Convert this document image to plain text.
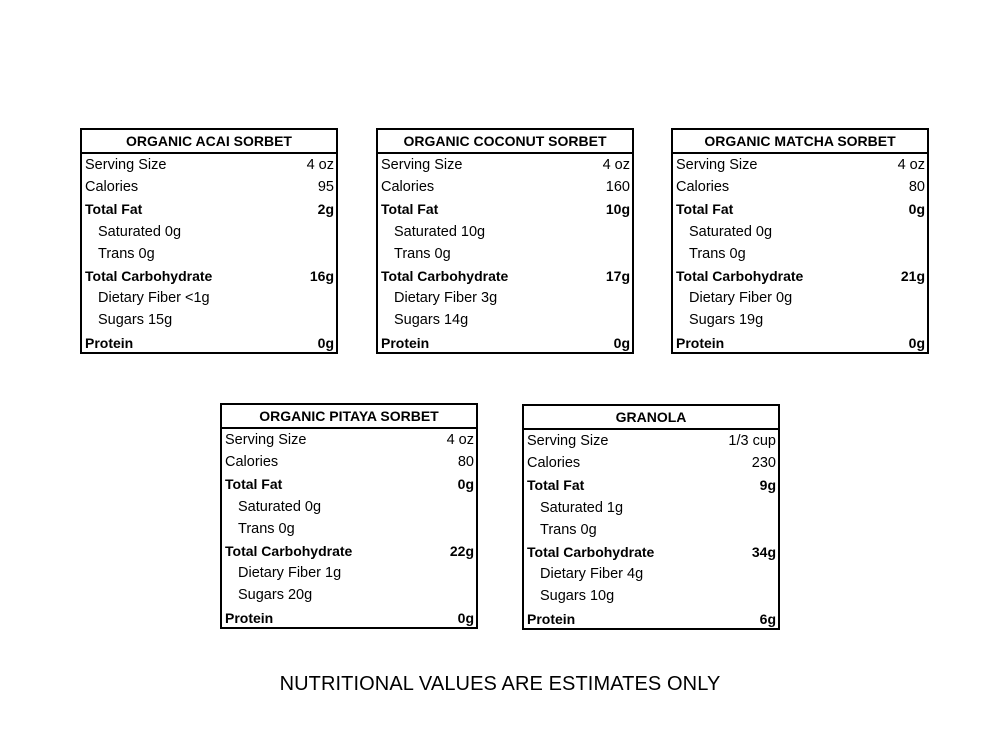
ORGANIC ACAI SORBET
Serving Size	4 oz
Calories	95
Total Fat	2g
Saturated 0g
Trans 0g
Total Carbohydrate	16g
Dietary Fiber <1g
Sugars 15g
Protein	0g
ORGANIC COCONUT SORBET
Serving Size	4 oz
Calories	160
Total Fat	10g
Saturated 10g
Trans 0g
Total Carbohydrate	17g
Dietary Fiber 3g
Sugars 14g
Protein	0g
ORGANIC MATCHA SORBET
Serving Size	4 oz
Calories	80
Total Fat	0g
Saturated 0g
Trans 0g
Total Carbohydrate	21g
Dietary Fiber 0g
Sugars 19g
Protein	0g
ORGANIC PITAYA SORBET
Serving Size	4 oz
Calories	80
Total Fat	0g
Saturated 0g
Trans 0g
Total Carbohydrate	22g
Dietary Fiber 1g
Sugars 20g
Protein	0g
GRANOLA
Serving Size	1/3 cup
Calories	230
Total Fat	9g
Saturated 1g
Trans 0g
Total Carbohydrate	34g
Dietary Fiber 4g
Sugars 10g
Protein	6g
NUTRITIONAL VALUES ARE ESTIMATES ONLY
